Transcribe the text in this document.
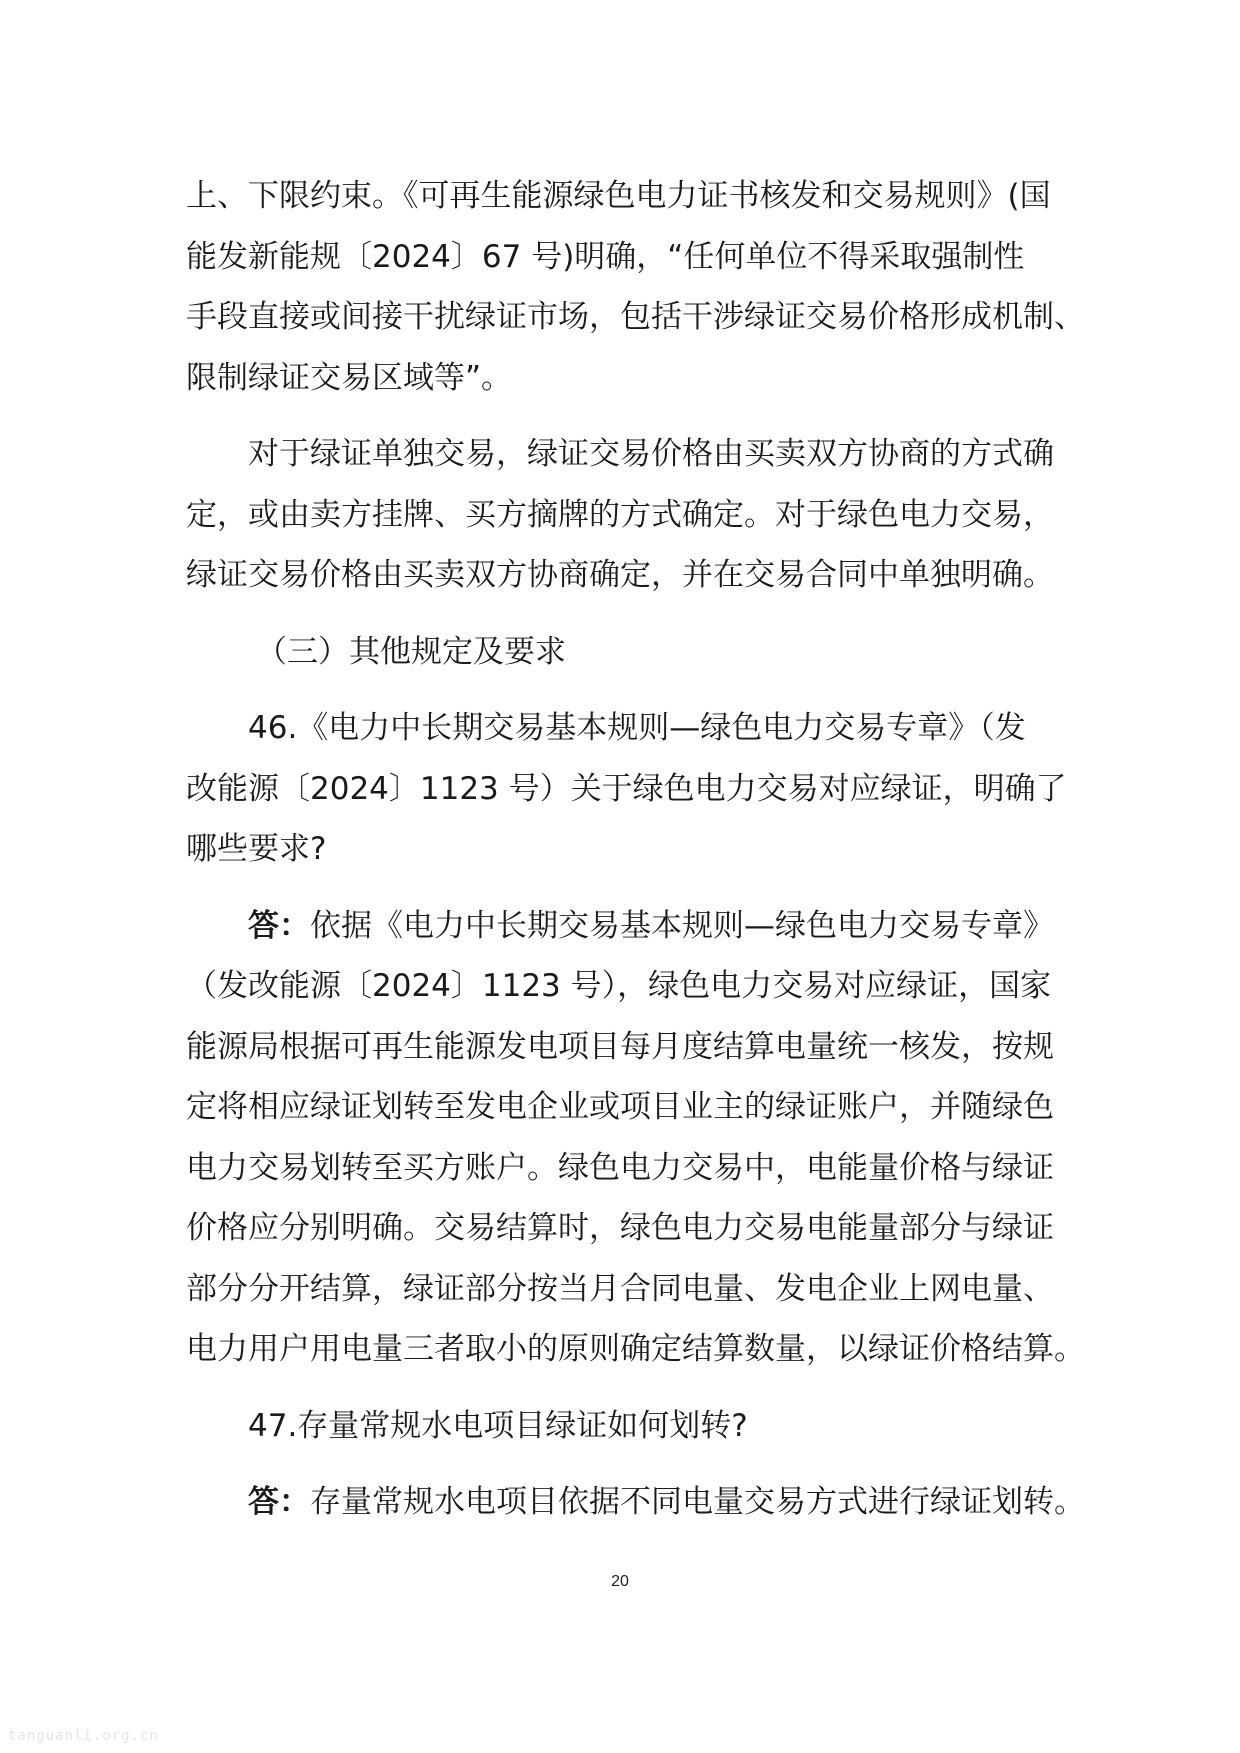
上、下限约束。《可再生能源绿色电力证书核发和交易规则》(国
能发新能规〔2024〕67 号)明确，“任何单位不得采取强制性
手段直接或间接干扰绿证市场，包括干涉绿证交易价格形成机制、
限制绿证交易区域等”。
对于绿证单独交易，绿证交易价格由买卖双方协商的方式确
定，或由卖方挂牌、买方摘牌的方式确定。对于绿色电力交易，
绿证交易价格由买卖双方协商确定，并在交易合同中单独明确。
（三）其他规定及要求
46.《电力中长期交易基本规则—绿色电力交易专章》（发
改能源〔2024〕1123 号）关于绿色电力交易对应绿证，明确了
哪些要求?
答：依据《电力中长期交易基本规则—绿色电力交易专章》
（发改能源〔2024〕1123 号），绿色电力交易对应绿证，国家
能源局根据可再生能源发电项目每月度结算电量统一核发，按规
定将相应绿证划转至发电企业或项目业主的绿证账户，并随绿色
电力交易划转至买方账户。绿色电力交易中，电能量价格与绿证
价格应分别明确。交易结算时，绿色电力交易电能量部分与绿证
部分分开结算，绿证部分按当月合同电量、发电企业上网电量、
电力用户用电量三者取小的原则确定结算数量，以绿证价格结算。
47.存量常规水电项目绿证如何划转?
答：存量常规水电项目依据不同电量交易方式进行绿证划转。
20
tanguanli.org.cn
